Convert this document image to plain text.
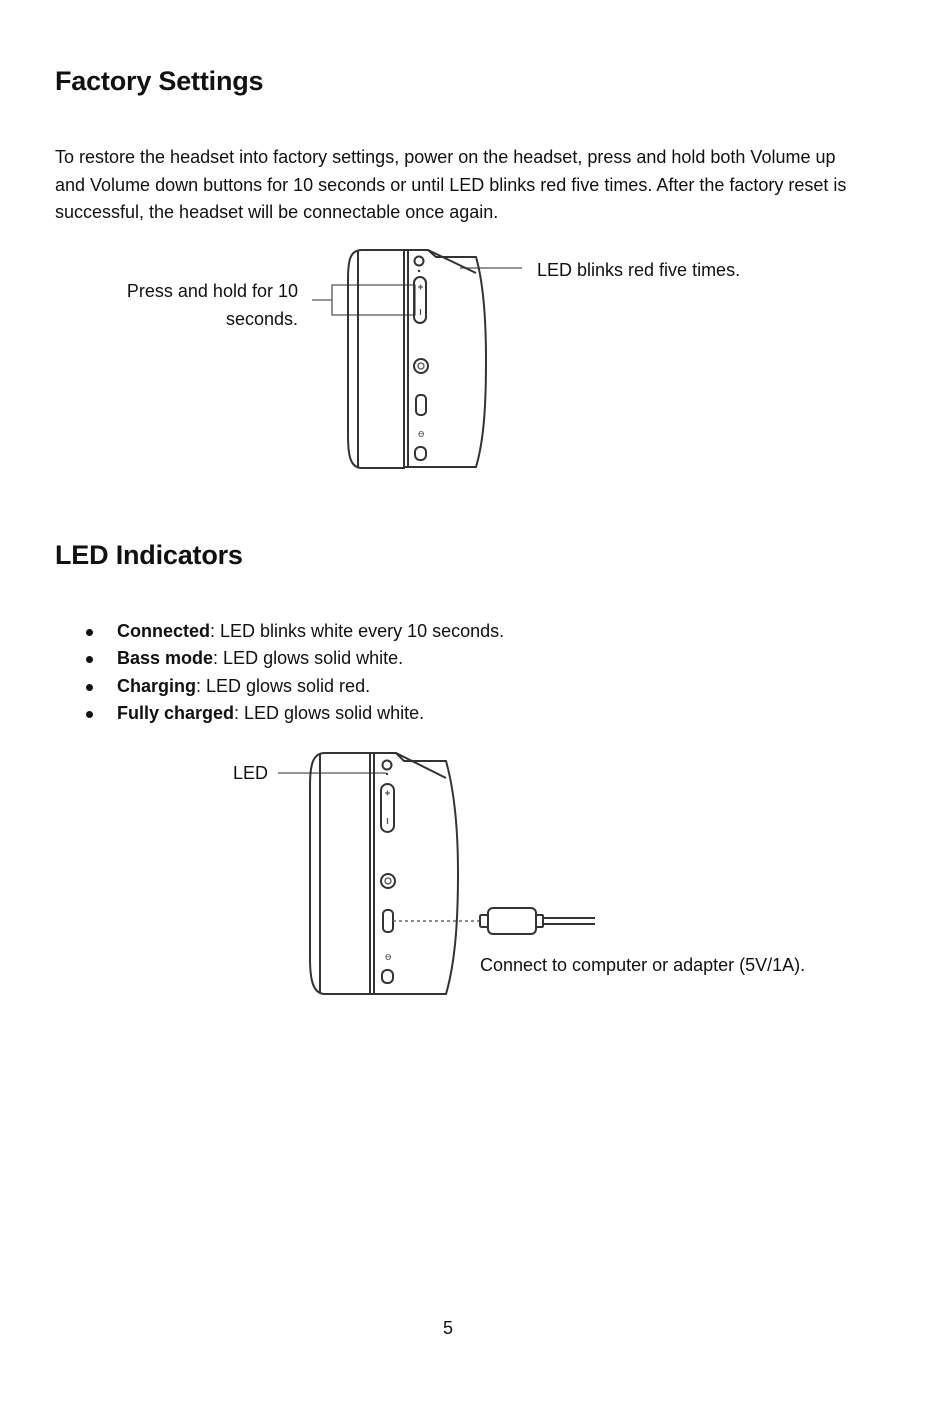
Factory Settings

To restore the headset into factory settings, power on the headset, press and hold both Volume up and Volume down buttons for 10 seconds or until LED blinks red five times. After the factory reset is successful, the headset will be connectable once again.

Press and hold for 10
seconds.

LED blinks red five times.

ϴ
LED Indicators
Connected: LED blinks white every 10 seconds.
Bass mode: LED glows solid white.
Charging: LED glows solid red.
Fully charged: LED glows solid white.

LED

Connect to computer or adapter (5V/1A).

ϴ
5
